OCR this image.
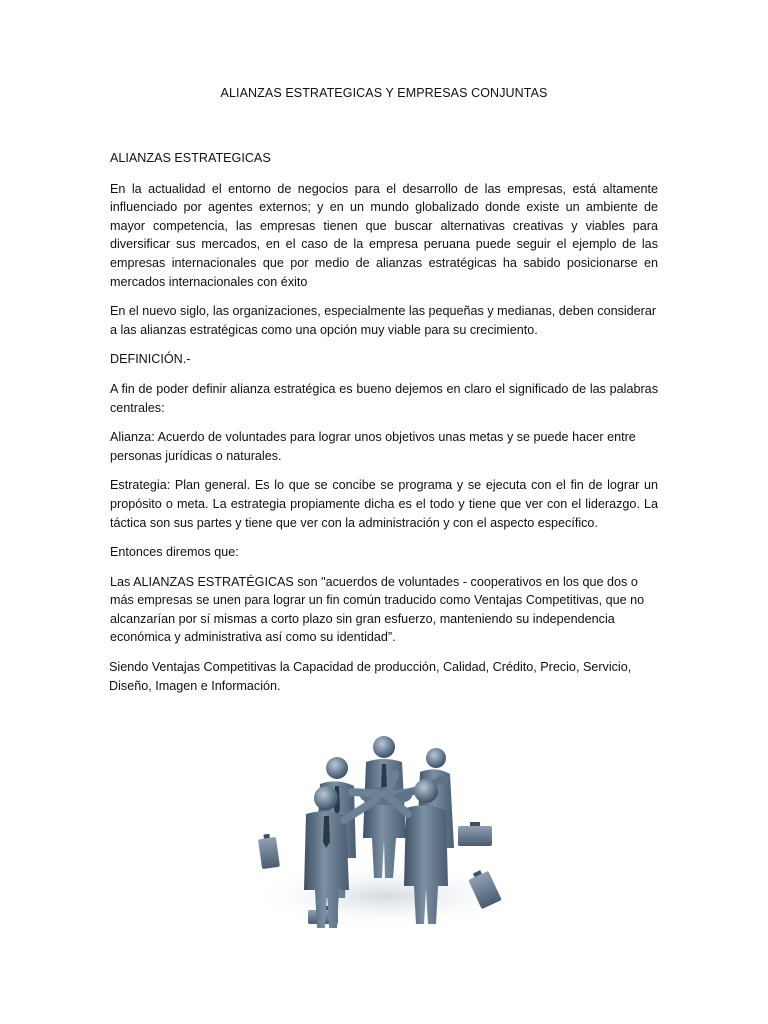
ALIANZAS ESTRATEGICAS Y EMPRESAS CONJUNTAS

ALIANZAS ESTRATEGICAS

En la actualidad el entorno de negocios para el desarrollo de las empresas, está altamente influenciado por agentes externos; y en un mundo globalizado donde existe un ambiente de mayor competencia, las empresas tienen que buscar alternativas creativas y viables para diversificar sus mercados, en el caso de la empresa peruana puede seguir el ejemplo de las empresas internacionales que por medio de alianzas estratégicas ha sabido posicionarse en mercados internacionales con éxito

En el nuevo siglo, las organizaciones, especialmente las pequeñas y medianas, deben considerar a las alianzas estratégicas como una opción muy viable para su crecimiento.

DEFINICIÓN.-

A fin de poder definir alianza estratégica es bueno dejemos en claro el significado de las palabras centrales:

Alianza: Acuerdo de voluntades para lograr unos objetivos unas metas y se puede hacer entre personas jurídicas o naturales.

Estrategia: Plan general. Es lo que se concibe se programa y se ejecuta con el fin de lograr un propósito o meta. La estrategia propiamente dicha es el todo y tiene que ver con el liderazgo. La táctica son sus partes y tiene que ver con la administración y con el aspecto específico.

Entonces diremos que:

Las ALIANZAS ESTRATÉGICAS son "acuerdos de voluntades - cooperativos en los que dos o más empresas se unen para lograr un fin común traducido como Ventajas Competitivas, que no alcanzarían por sí mismas a corto plazo sin gran esfuerzo, manteniendo su independencia económica y administrativa así como su identidad”.

Siendo Ventajas Competitivas la Capacidad de producción, Calidad, Crédito, Precio, Servicio, Diseño, Imagen e Información.
